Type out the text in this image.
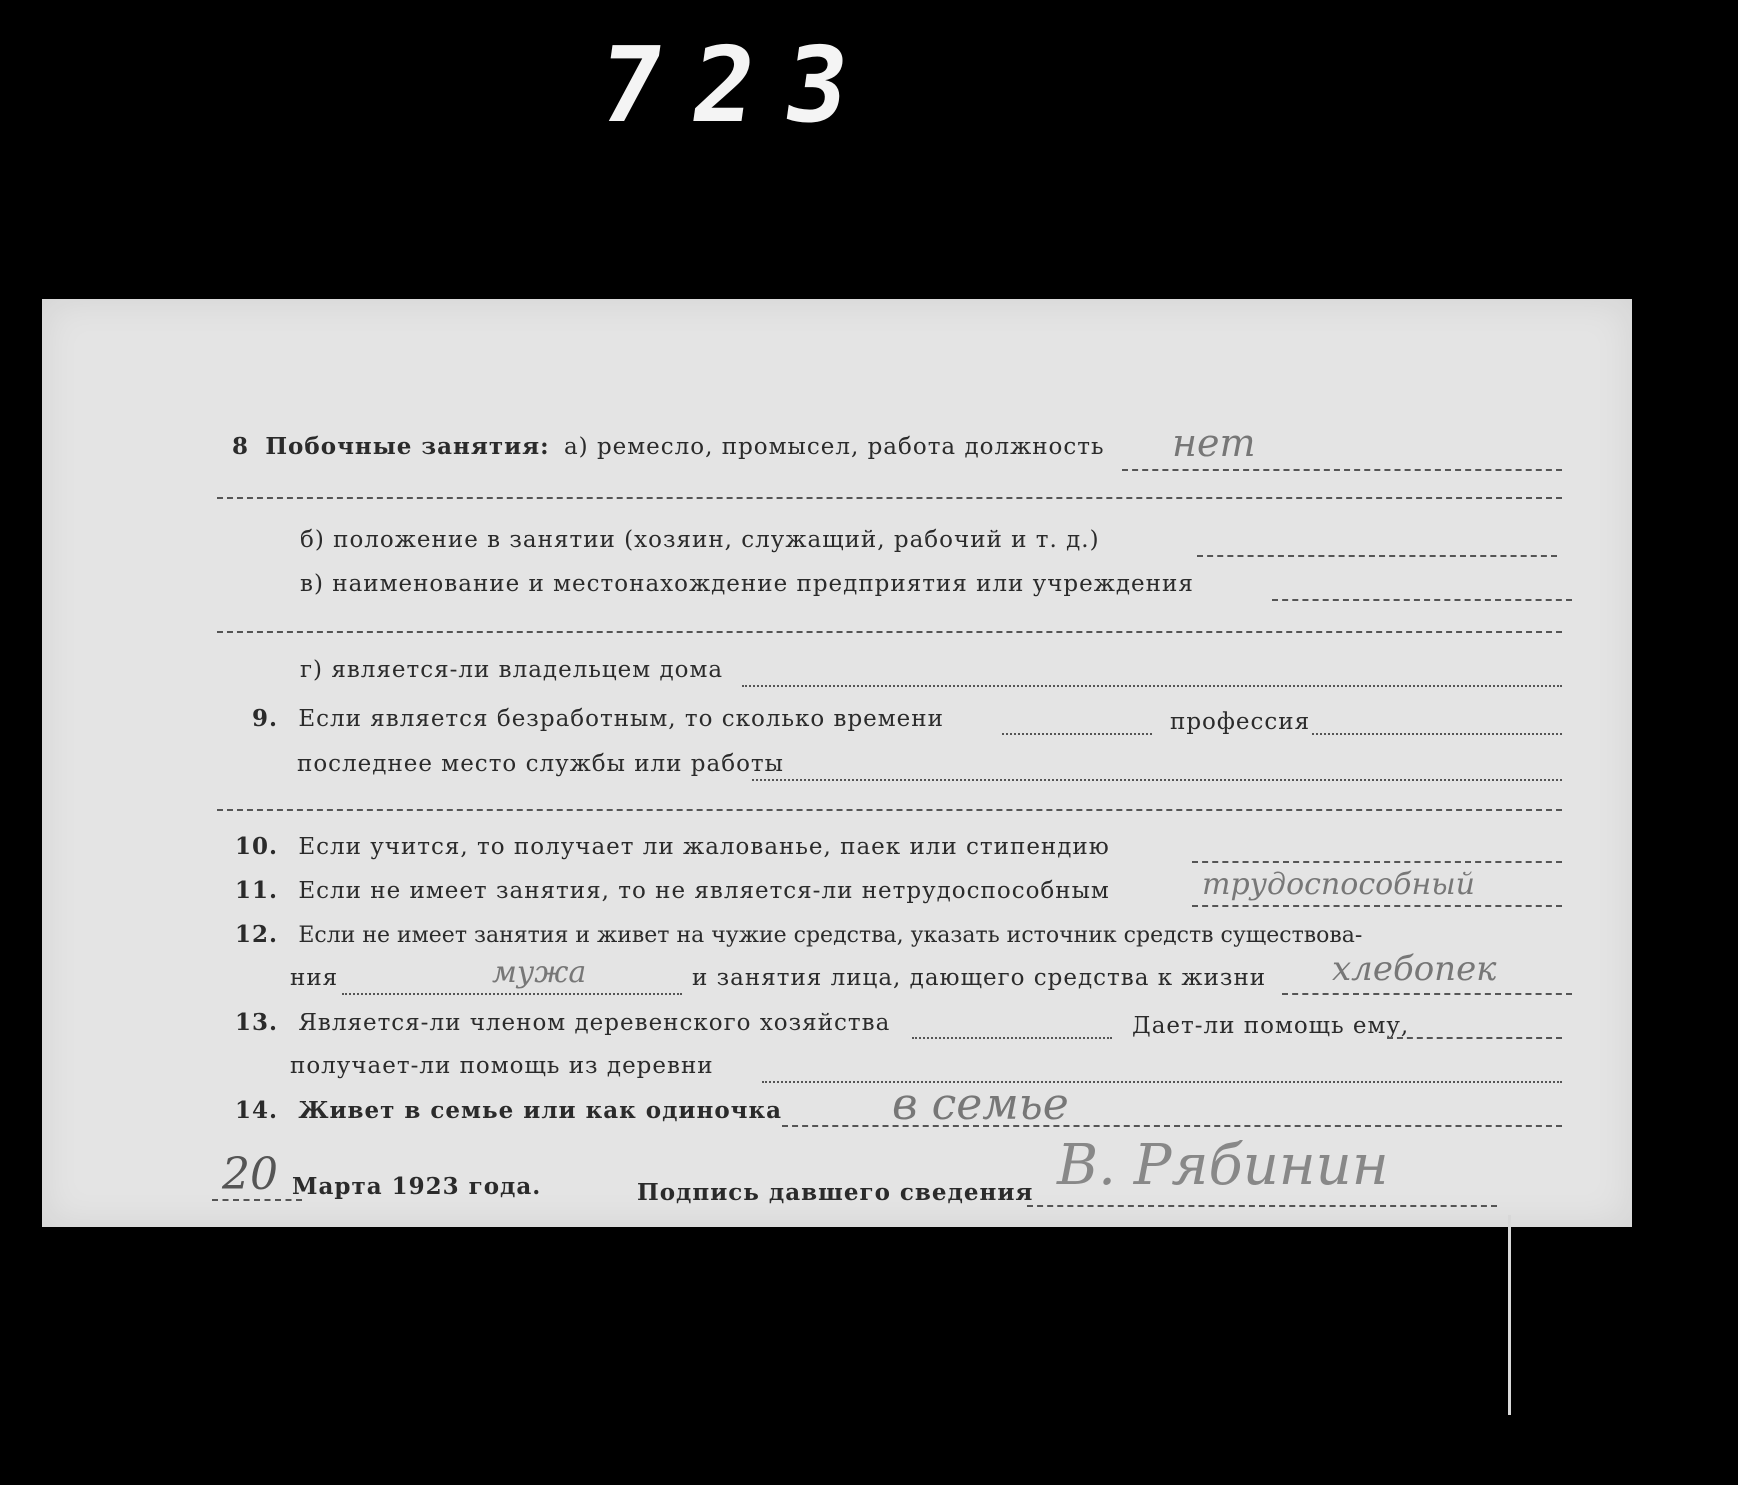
723
8 Побочные занятия: а) ремесло, промысел, работа должность нет
б) положение в занятии (хозяин, служащий, рабочий и т. д.)
в) наименование и местонахождение предприятия или учреждения
г) является-ли владельцем дома
9. Если является безработным, то сколько времени	профессия
последнее место службы или работы
10. Если учится, то получает ли жалованье, паек или стипендию
11. Если не имеет занятия, то не является-ли нетрудоспособным	трудоспособный
12. Если не имеет занятия и живет на чужие средства, указать источник средств существова-
ния	мужа	и занятия лица, дающего средства к жизни хлебопек
13. Является-ли членом деревенского хозяйства	Дает-ли помощь ему,
получает-ли помощь из деревни
14. Живет в семье или как одиночка в семье
20 Марта 1923 года.	Подпись давшего сведения В. Рябинин
